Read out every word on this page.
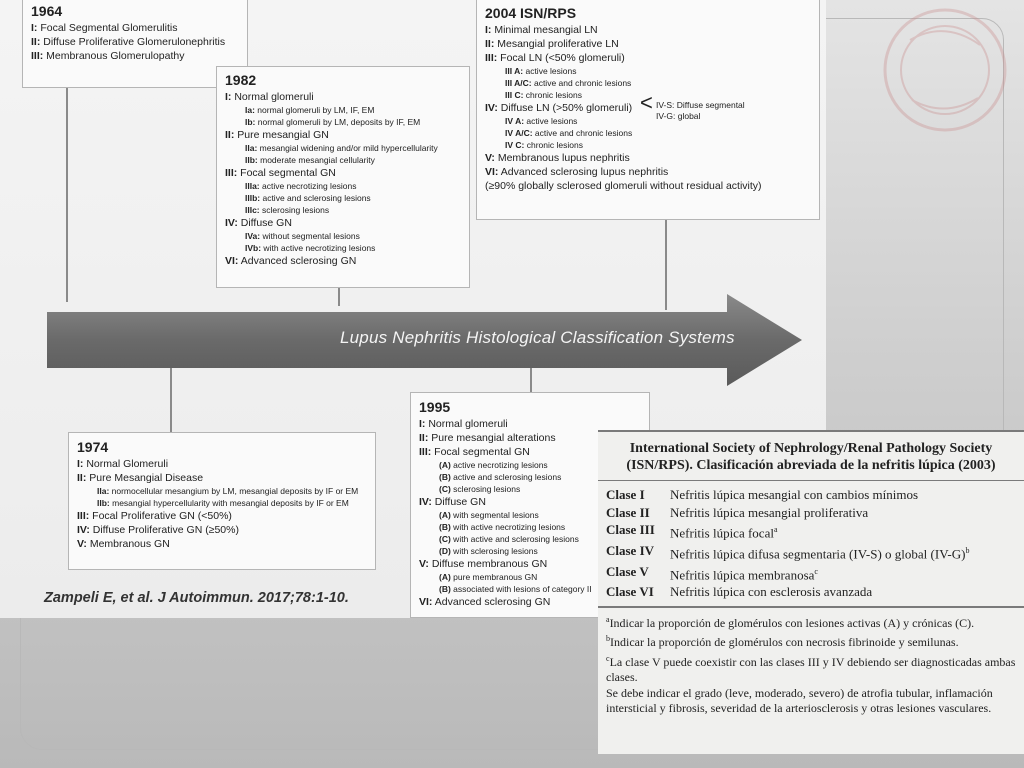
Lupus Nephritis Histological Classification Systems
1964
I: Focal Segmental Glomerulitis
II: Diffuse Proliferative Glomerulonephritis
III: Membranous Glomerulopathy
1982
I: Normal glomeruli
Ia: normal glomeruli by LM, IF, EM
Ib: normal glomeruli by LM, deposits by IF, EM
II: Pure mesangial GN
IIa: mesangial widening and/or mild hypercellularity
IIb: moderate mesangial cellularity
III: Focal segmental GN
IIIa: active necrotizing lesions
IIIb: active and sclerosing lesions
IIIc: sclerosing lesions
IV: Diffuse GN
IVa: without segmental lesions
IVb: with active necrotizing lesions
VI: Advanced sclerosing GN
2004 ISN/RPS
I: Minimal mesangial LN
II: Mesangial proliferative LN
III: Focal LN (<50% glomeruli)
III A: active lesions
III A/C: active and chronic lesions
III C: chronic lesions
IV: Diffuse LN (>50% glomeruli)
IV A: active lesions
IV A/C: active and chronic lesions
IV C: chronic lesions
V: Membranous lupus nephritis
VI: Advanced sclerosing lupus nephritis
(≥90% globally sclerosed glomeruli without residual activity)
< IV-S: Diffuse segmental
IV-G: global
1974
I: Normal Glomeruli
II: Pure Mesangial Disease
IIa: normocellular mesangium by LM, mesangial deposits by IF or EM
IIb: mesangial hypercellularity with mesangial deposits by IF or EM
III: Focal Proliferative GN (<50%)
IV: Diffuse Proliferative GN (≥50%)
V: Membranous GN
1995
I: Normal glomeruli
II: Pure mesangial alterations
III: Focal segmental GN
(A) active necrotizing lesions
(B) active and sclerosing lesions
(C) sclerosing lesions
IV: Diffuse GN
(A) with segmental lesions
(B) with active necrotizing lesions
(C) with active and sclerosing lesions
(D) with sclerosing lesions
V: Diffuse membranous GN
(A) pure membranous GN
(B) associated with lesions of category II
VI: Advanced sclerosing GN
Zampeli E, et al. J Autoimmun. 2017;78:1-10.
International Society of Nephrology/Renal Pathology Society (ISN/RPS). Clasificación abreviada de la nefritis lúpica (2003)
Clase I	Nefritis lúpica mesangial con cambios mínimos
Clase II	Nefritis lúpica mesangial proliferativa
Clase III	Nefritis lúpica focal$^a$
Clase IV	Nefritis lúpica difusa segmentaria (IV-S) o global $(IV-G)^b$
Clase V	Nefritis lúpica membranosa$^c$
Clase VI	Nefritis lúpica con esclerosis avanzada
$^a$Indicar la proporción de glomérulos con lesiones activas (A) y crónicas (C).
$^b$Indicar la proporción de glomérulos con necrosis fibrinoide y semilunas.
$^c$La clase V puede coexistir con las clases III y IV debiendo ser diagnosticadas ambas clases.
Se debe indicar el grado (leve, moderado, severo) de atrofia tubular, inflamación intersticial y fibrosis, severidad de la arteriosclerosis y otras lesiones vasculares.
